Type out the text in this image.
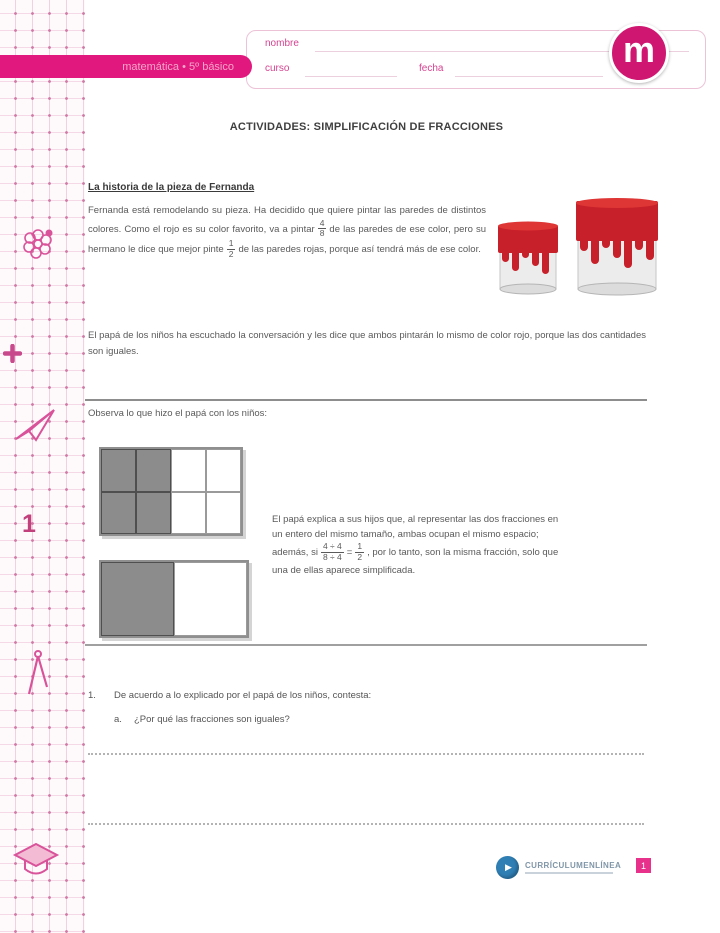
1
matemática • 5º básico
nombre
curso	fecha	m
ACTIVIDADES: SIMPLIFICACIÓN DE FRACCIONES
La historia de la pieza de Fernanda

Fernanda está remodelando su pieza. Ha decidido que quiere pintar las paredes de distintos colores. Como el rojo es su color favorito, va a pintar $\frac{4}{8}$ de las paredes de ese color, pero su hermano le dice que mejor pinte $\frac{1}{2}$ de las paredes rojas, porque así tendrá más de ese color.

El papá de los niños ha escuchado la conversación y les dice que ambos pintarán lo mismo de color rojo, porque las dos cantidades son iguales.

Observa lo que hizo el papá con los niños:

El papá explica a sus hijos que, al representar las dos fracciones en un entero del mismo tamaño, ambas ocupan el mismo espacio; además, si $\frac{4 \div 4}{8 \div 4} = \frac{1}{2}$ , por lo tanto, son la misma fracción, solo que una de ellas aparece simplificada.

1.	De acuerdo a lo explicado por el papá de los niños, contesta:
a.	¿Por qué las fracciones son iguales?
▶ CURRÍCULUMENLÍNEA	1
